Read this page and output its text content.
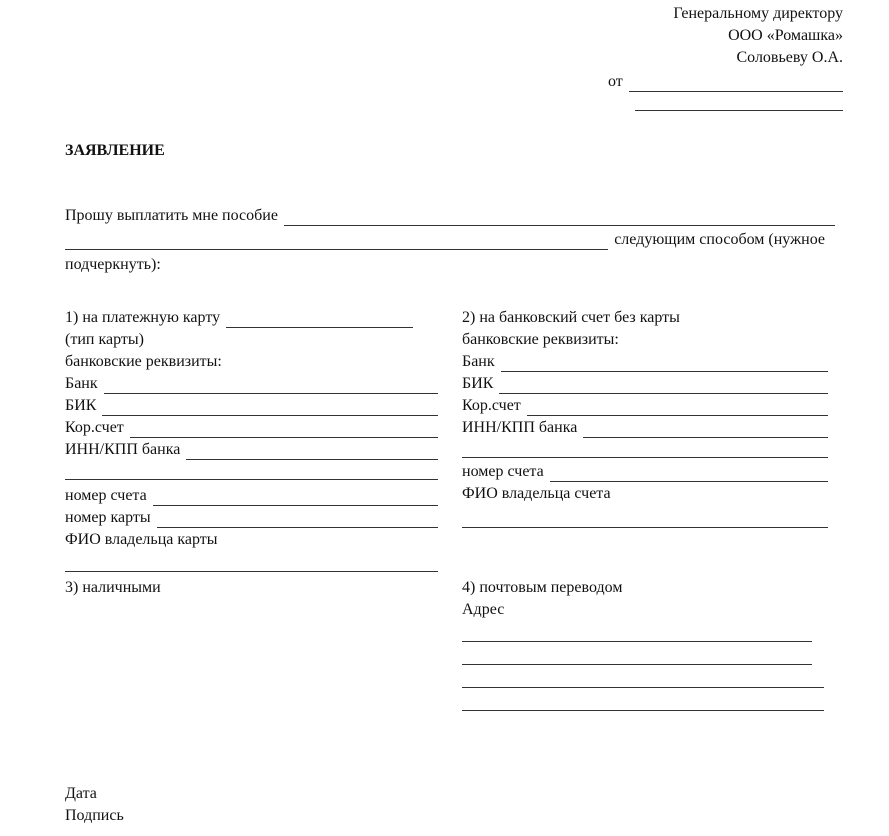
Генеральному директору
ООО «Ромашка»
Соловьеву О.А.
от
ЗАЯВЛЕНИЕ
Прошу выплатить мне пособие
следующим способом (нужное
подчеркнуть):
1) на платежную карту
(тип карты)
банковские реквизиты:
Банк
БИК
Кор.счет
ИНН/КПП банка
номер счета
номер карты
ФИО владельца карты
2) на банковский счет без карты
банковские реквизиты:
Банк
БИК
Кор.счет
ИНН/КПП банка
номер счета
ФИО владельца счета
3) наличными	4) почтовым переводом
Адрес
Дата
Подпись
